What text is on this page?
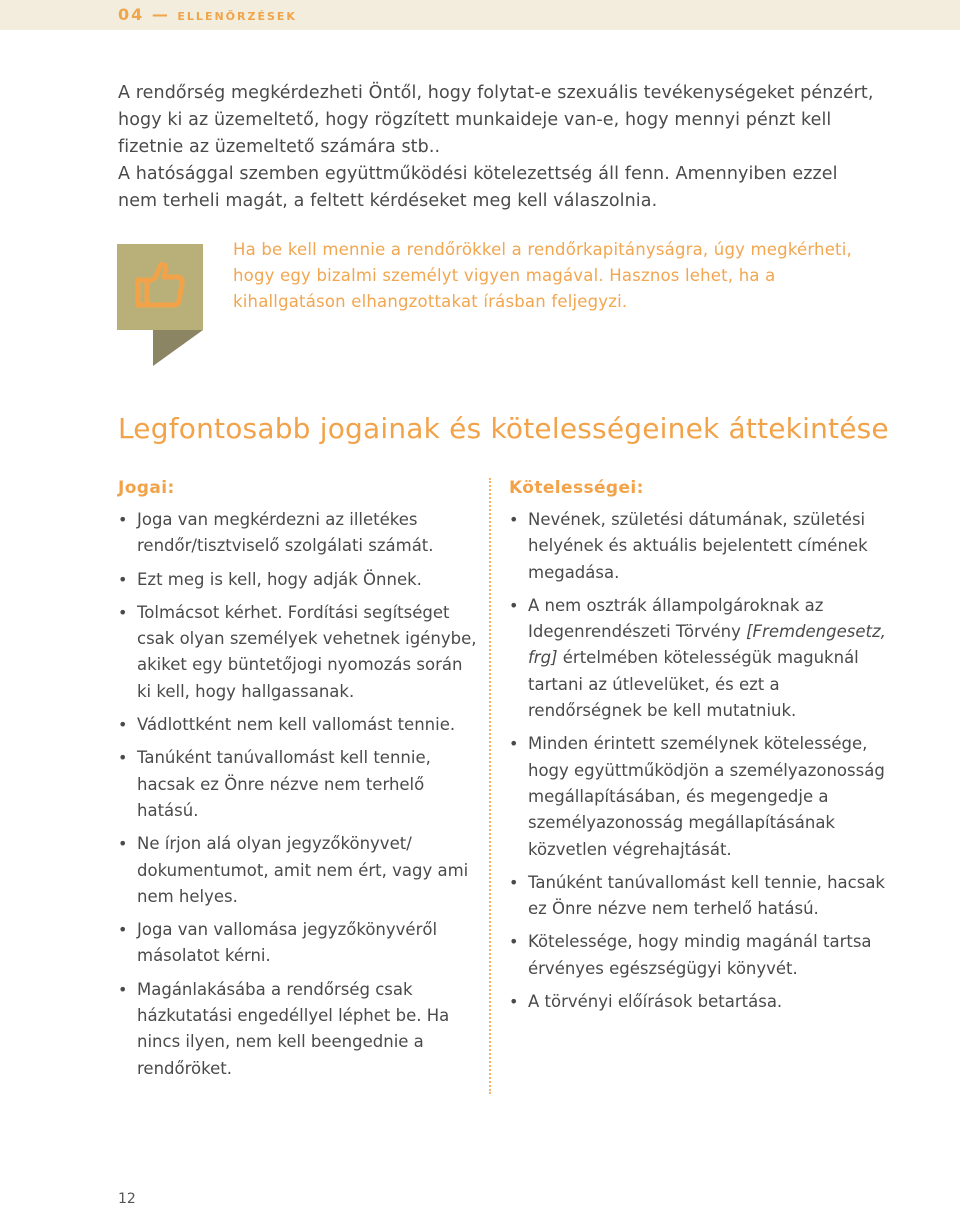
04 — ellenőrzések

A rendőrség megkérdezheti Öntől, hogy folytat-e szexuális tevékenységeket pénzért, hogy ki az üzemeltető, hogy rögzített munkaideje van-e, hogy mennyi pénzt kell fizetnie az üzemeltető számára stb..

A hatósággal szemben együttműködési kötelezettség áll fenn. Amennyiben ezzel nem terheli magát, a feltett kérdéseket meg kell válaszolnia.

Ha be kell mennie a rendőrökkel a rendőrkapitányságra, úgy megkérheti, hogy egy bizalmi személyt vigyen magával. Hasznos lehet, ha a kihallgatáson elhangzottakat írásban feljegyzi.
Legfontosabb jogainak és kötelességeinek áttekintése
Jogai:
• Joga van megkérdezni az illetékes rendőr/tisztviselő szolgálati számát.
• Ezt meg is kell, hogy adják Önnek.
• Tolmácsot kérhet. Fordítási segítséget csak olyan személyek vehetnek igénybe, akiket egy büntetőjogi nyomozás során ki kell, hogy hallgassanak.
• Vádlottként nem kell vallomást tennie.
• Tanúként tanúvallomást kell tennie, hacsak ez Önre nézve nem terhelő hatású.
• Ne írjon alá olyan jegyzőkönyvet/ dokumentumot, amit nem ért, vagy ami nem helyes.
• Joga van vallomása jegyzőkönyvéről másolatot kérni.
• Magánlakásába a rendőrség csak házkutatási engedéllyel léphet be. Ha nincs ilyen, nem kell beengednie a rendőröket.
Kötelességei:
• Nevének, születési dátumának, születési helyének és aktuális bejelentett címének megadása.
• A nem osztrák állampolgároknak az Idegenrendészeti Törvény [Fremdengesetz, frg] értelmében kötelességük maguknál tartani az útlevelüket, és ezt a rendőrségnek be kell mutatniuk.
• Minden érintett személynek kötelessége, hogy együttműködjön a személyazonosság megállapításában, és megengedje a személyazonosság megállapításának közvetlen végrehajtását.
• Tanúként tanúvallomást kell tennie, hacsak ez Önre nézve nem terhelő hatású.
• Kötelessége, hogy mindig magánál tartsa érvényes egészségügyi könyvét.
• A törvényi előírások betartása.
12
